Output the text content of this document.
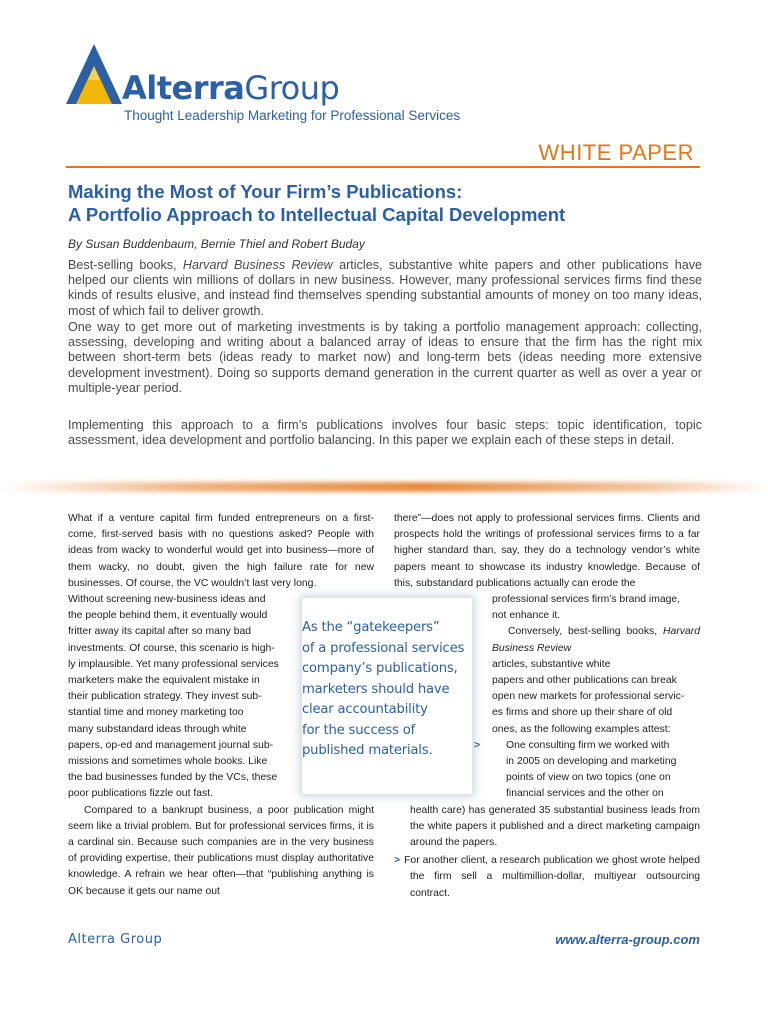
AlterraGroup
Thought Leadership Marketing for Professional Services
WHITE PAPER
Making the Most of Your Firm’s Publications:
A Portfolio Approach to Intellectual Capital Development
By Susan Buddenbaum, Bernie Thiel and Robert Buday
Best-selling books, Harvard Business Review articles, substantive white papers and other publications have helped our clients win millions of dollars in new business. However, many professional services firms find these kinds of results elusive, and instead find themselves spending substantial amounts of money on too many ideas, most of which fail to deliver growth.
One way to get more out of marketing investments is by taking a portfolio management approach: collecting, assessing, developing and writing about a balanced array of ideas to ensure that the firm has the right mix between short-term bets (ideas ready to market now) and long-term bets (ideas needing more extensive development investment). Doing so supports demand generation in the current quarter as well as over a year or multiple-year period.
Implementing this approach to a firm’s publications involves four basic steps: topic identification, topic assessment, idea development and portfolio balancing. In this paper we explain each of these steps in detail.

What if a venture capital firm funded entrepreneurs on a first-come, first-served basis with no questions asked? People with ideas from wacky to wonderful would get into business—more of them wacky, no doubt, given the high failure rate for new businesses. Of course, the VC wouldn’t last very long.

Without screening new-business ideas and
the people behind them, it eventually would
fritter away its capital after so many bad
investments. Of course, this scenario is high-
ly implausible. Yet many professional services
marketers make the equivalent mistake in
their publication strategy. They invest sub-
stantial time and money marketing too
many substandard ideas through white
papers, op-ed and management journal sub-
missions and sometimes whole books. Like
the bad businesses funded by the VCs, these
poor publications fizzle out fast.

Compared to a bankrupt business, a poor publication might seem like a trivial problem. But for professional services firms, it is a cardinal sin. Because such companies are in the very business of providing expertise, their publications must display authoritative knowledge. A refrain we hear often—that “publishing anything is OK because it gets our name out

As the “gatekeepers”
of a professional services
company’s publications,
marketers should have
clear accountability
for the success of
published materials.

there”—does not apply to professional services firms. Clients and prospects hold the writings of professional services firms to a far higher standard than, say, they do a technology vendor’s white papers meant to showcase its industry knowledge. Because of this, substandard publications actually can erode the

professional services firm’s brand image,
not enhance it.
Conversely, best-selling books, Harvard Business Review
articles, substantive white
papers and other publications can break
open new markets for professional servic-
es firms and shore up their share of old
ones, as the following examples attest:
> One consulting firm we worked with
in 2005 on developing and marketing
points of view on two topics (one on
financial services and the other on

health care) has generated 35 substantial business leads from the white papers it published and a direct marketing campaign around the papers.

> For another client, a research publication we ghost wrote helped the firm sell a multimillion-dollar, multiyear outsourcing contract.

Alterra Group	www.alterra-group.com
